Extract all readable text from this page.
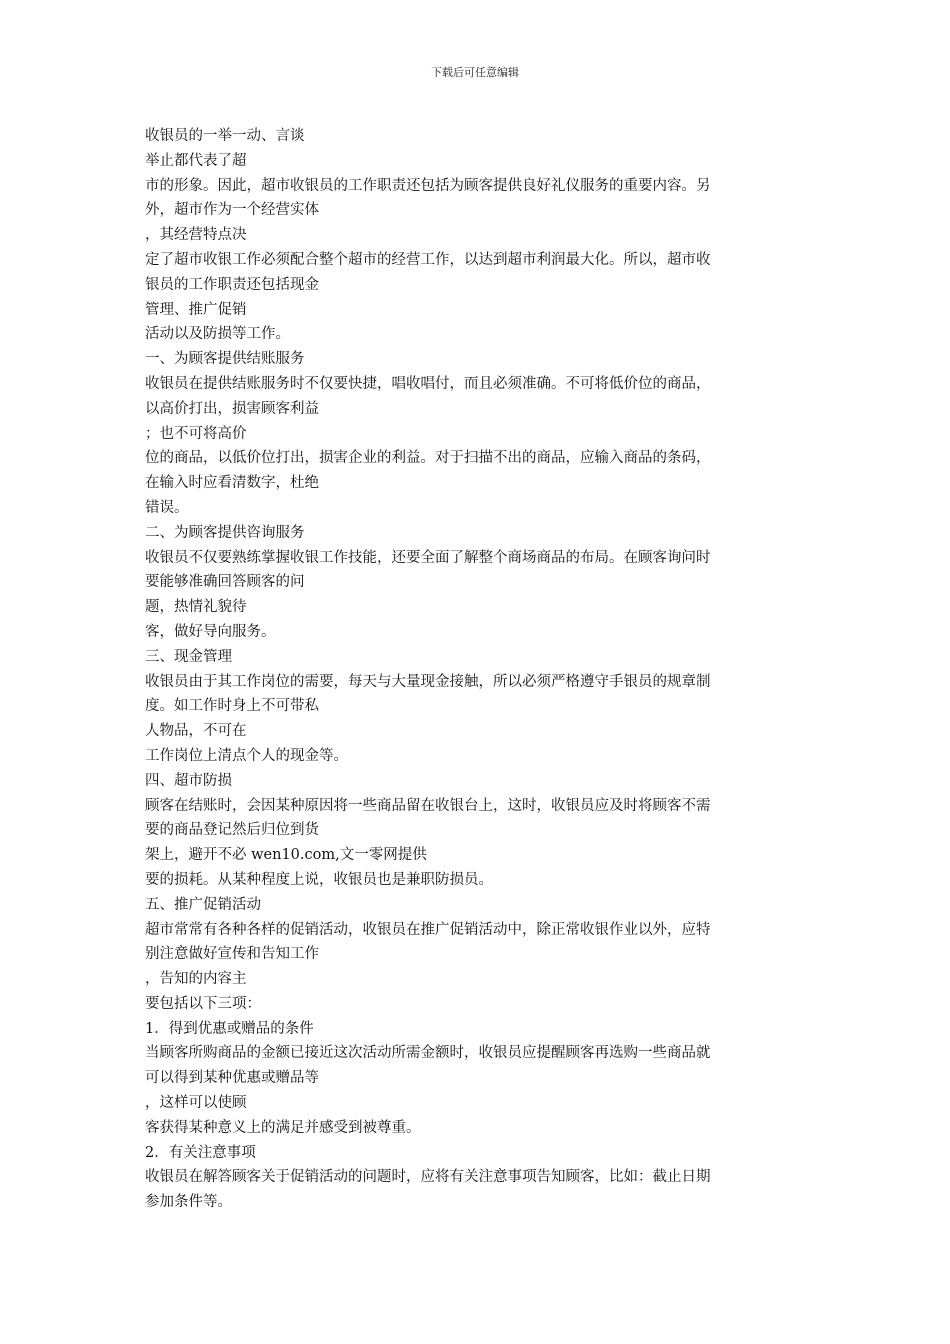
下载后可任意编辑
收银员的一举一动、言谈
举止都代表了超
市的形象。因此，超市收银员的工作职责还包括为顾客提供良好礼仪服务的重要内容。另
外，超市作为一个经营实体
，其经营特点决
定了超市收银工作必须配合整个超市的经营工作，以达到超市利润最大化。所以，超市收
银员的工作职责还包括现金
管理、推广促销
活动以及防损等工作。
一、为顾客提供结账服务
收银员在提供结账服务时不仅要快捷，唱收唱付，而且必须准确。不可将低价位的商品，
以高价打出，损害顾客利益
；也不可将高价
位的商品，以低价位打出，损害企业的利益。对于扫描不出的商品，应输入商品的条码，
在输入时应看清数字，杜绝
错误。
二、为顾客提供咨询服务
收银员不仅要熟练掌握收银工作技能，还要全面了解整个商场商品的布局。在顾客询问时
要能够准确回答顾客的问
题，热情礼貌待
客，做好导向服务。
三、现金管理
收银员由于其工作岗位的需要，每天与大量现金接触，所以必须严格遵守手银员的规章制
度。如工作时身上不可带私
人物品，不可在
工作岗位上清点个人的现金等。
四、超市防损
顾客在结账时，会因某种原因将一些商品留在收银台上，这时，收银员应及时将顾客不需
要的商品登记然后归位到货
架上，避开不必 wen10.com,文一零网提供
要的损耗。从某种程度上说，收银员也是兼职防损员。
五、推广促销活动
超市常常有各种各样的促销活动，收银员在推广促销活动中，除正常收银作业以外，应特
别注意做好宣传和告知工作
，告知的内容主
要包括以下三项：
1．得到优惠或赠品的条件
当顾客所购商品的金额已接近这次活动所需金额时，收银员应提醒顾客再选购一些商品就
可以得到某种优惠或赠品等
，这样可以使顾
客获得某种意义上的满足并感受到被尊重。
2．有关注意事项
收银员在解答顾客关于促销活动的问题时，应将有关注意事项告知顾客，比如：截止日期
参加条件等。
